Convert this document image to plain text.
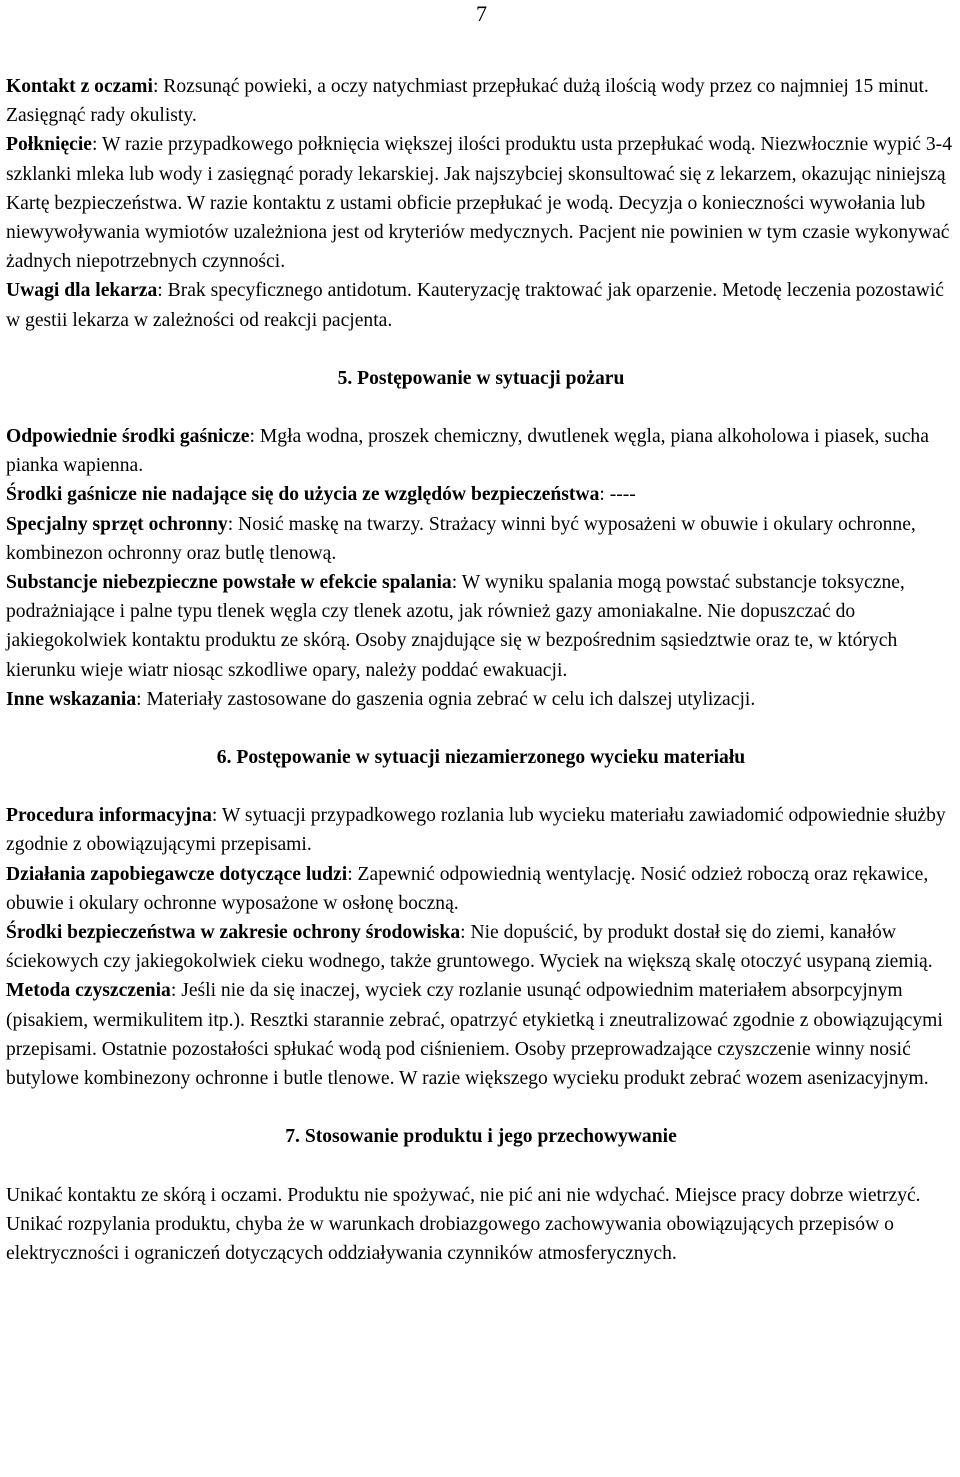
7

Kontakt z oczami: Rozsunąć powieki, a oczy natychmiast przepłukać dużą ilością wody przez co najmniej 15 minut. Zasięgnąć rady okulisty.

Połknięcie: W razie przypadkowego połknięcia większej ilości produktu usta przepłukać wodą. Niezwłocznie wypić 3-4 szklanki mleka lub wody i zasięgnąć porady lekarskiej. Jak najszybciej skonsultować się z lekarzem, okazując niniejszą Kartę bezpieczeństwa. W razie kontaktu z ustami obficie przepłukać je wodą. Decyzja o konieczności wywołania lub niewywoływania wymiotów uzależniona jest od kryteriów medycznych. Pacjent nie powinien w tym czasie wykonywać żadnych niepotrzebnych czynności.

Uwagi dla lekarza: Brak specyficznego antidotum. Kauteryzację traktować jak oparzenie. Metodę leczenia pozostawić w gestii lekarza w zależności od reakcji pacjenta.

5. Postępowanie w sytuacji pożaru

Odpowiednie środki gaśnicze: Mgła wodna, proszek chemiczny, dwutlenek węgla, piana alkoholowa i piasek, sucha pianka wapienna.

Środki gaśnicze nie nadające się do użycia ze względów bezpieczeństwa: ----

Specjalny sprzęt ochronny: Nosić maskę na twarzy. Strażacy winni być wyposażeni w obuwie i okulary ochronne, kombinezon ochronny oraz butlę tlenową.

Substancje niebezpieczne powstałe w efekcie spalania: W wyniku spalania mogą powstać substancje toksyczne, podrażniające i palne typu tlenek węgla czy tlenek azotu, jak również gazy amoniakalne. Nie dopuszczać do jakiegokolwiek kontaktu produktu ze skórą. Osoby znajdujące się w bezpośrednim sąsiedztwie oraz te, w których kierunku wieje wiatr niosąc szkodliwe opary, należy poddać ewakuacji.

Inne wskazania: Materiały zastosowane do gaszenia ognia zebrać w celu ich dalszej utylizacji.

6. Postępowanie w sytuacji niezamierzonego wycieku materiału

Procedura informacyjna: W sytuacji przypadkowego rozlania lub wycieku materiału zawiadomić odpowiednie służby zgodnie z obowiązującymi przepisami.

Działania zapobiegawcze dotyczące ludzi: Zapewnić odpowiednią wentylację. Nosić odzież roboczą oraz rękawice, obuwie i okulary ochronne wyposażone w osłonę boczną.

Środki bezpieczeństwa w zakresie ochrony środowiska: Nie dopuścić, by produkt dostał się do ziemi, kanałów ściekowych czy jakiegokolwiek cieku wodnego, także gruntowego. Wyciek na większą skalę otoczyć usypaną ziemią.

Metoda czyszczenia: Jeśli nie da się inaczej, wyciek czy rozlanie usunąć odpowiednim materiałem absorpcyjnym (pisakiem, wermikulitem itp.). Resztki starannie zebrać, opatrzyć etykietką i zneutralizować zgodnie z obowiązującymi przepisami. Ostatnie pozostałości spłukać wodą pod ciśnieniem. Osoby przeprowadzające czyszczenie winny nosić butylowe kombinezony ochronne i butle tlenowe. W razie większego wycieku produkt zebrać wozem asenizacyjnym.

7. Stosowanie produktu i jego przechowywanie

Unikać kontaktu ze skórą i oczami. Produktu nie spożywać, nie pić ani nie wdychać. Miejsce pracy dobrze wietrzyć. Unikać rozpylania produktu, chyba że w warunkach drobiazgowego zachowywania obowiązujących przepisów o elektryczności i ograniczeń dotyczących oddziaływania czynników atmosferycznych.
